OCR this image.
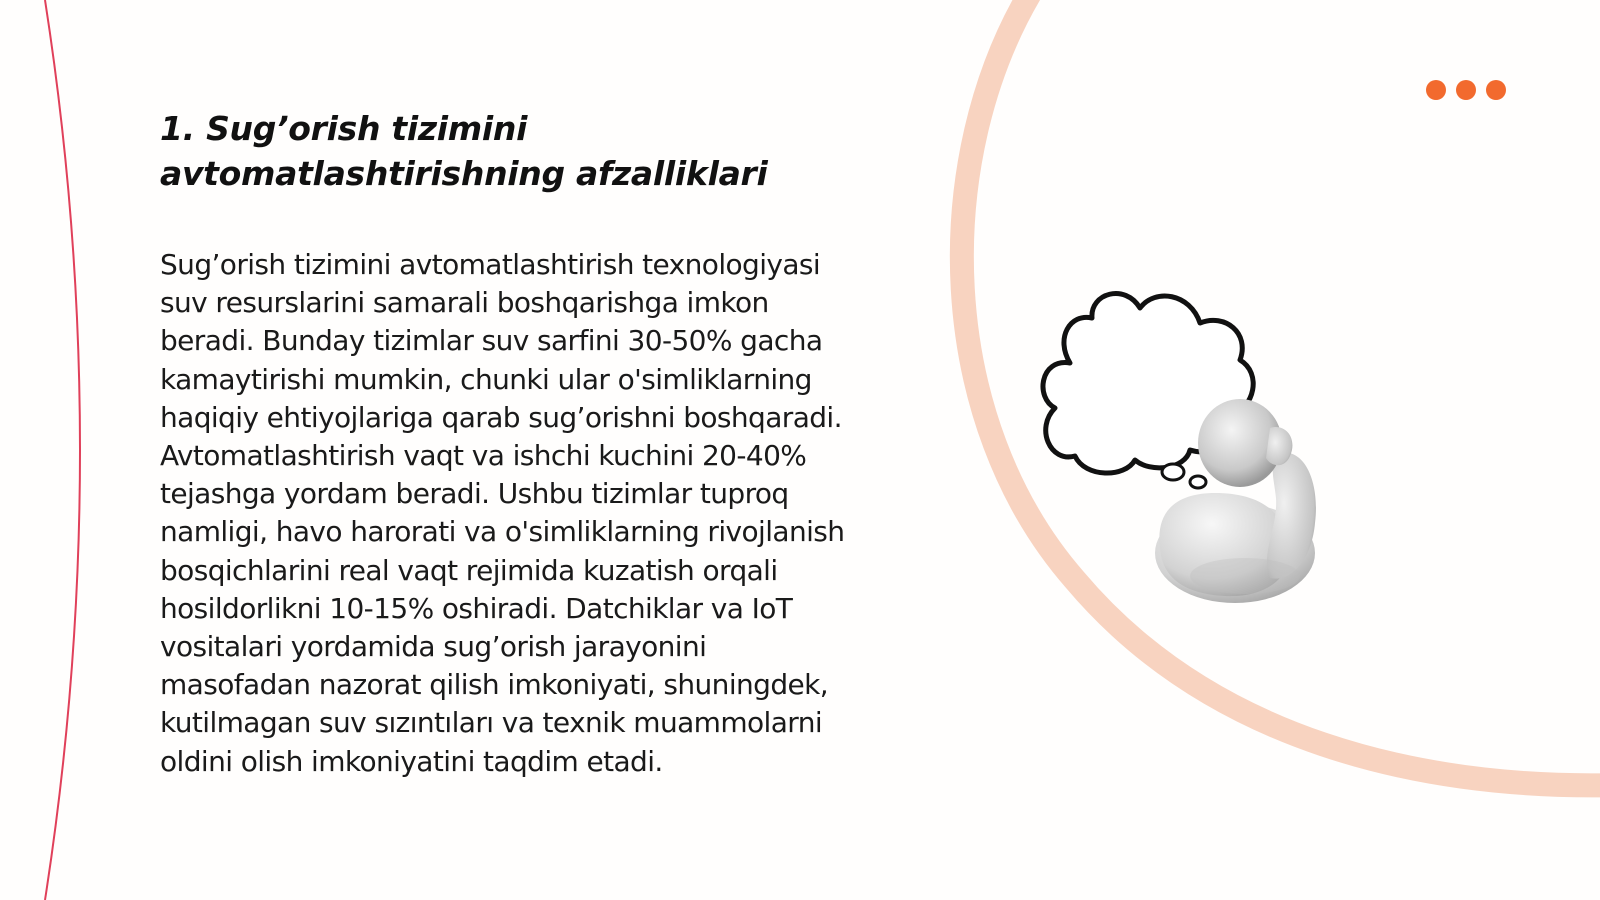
1. Sug’orish tizimini
avtomatlashtirishning afzalliklari

Sug’orish tizimini avtomatlashtirish texnologiyasi suv resurslarini samarali boshqarishga imkon beradi. Bunday tizimlar suv sarfini 30-50% gacha kamaytirishi mumkin, chunki ular o'simliklarning haqiqiy ehtiyojlariga qarab sug’orishni boshqaradi. Avtomatlashtirish vaqt va ishchi kuchini 20-40% tejashga yordam beradi. Ushbu tizimlar tuproq namligi, havo harorati va o'simliklarning rivojlanish bosqichlarini real vaqt rejimida kuzatish orqali hosildorlikni 10-15% oshiradi. Datchiklar va IoT vositalari yordamida sug’orish jarayonini masofadan nazorat qilish imkoniyati, shuningdek, kutilmagan suv sızıntıları va texnik muammolarni oldini olish imkoniyatini taqdim etadi.
